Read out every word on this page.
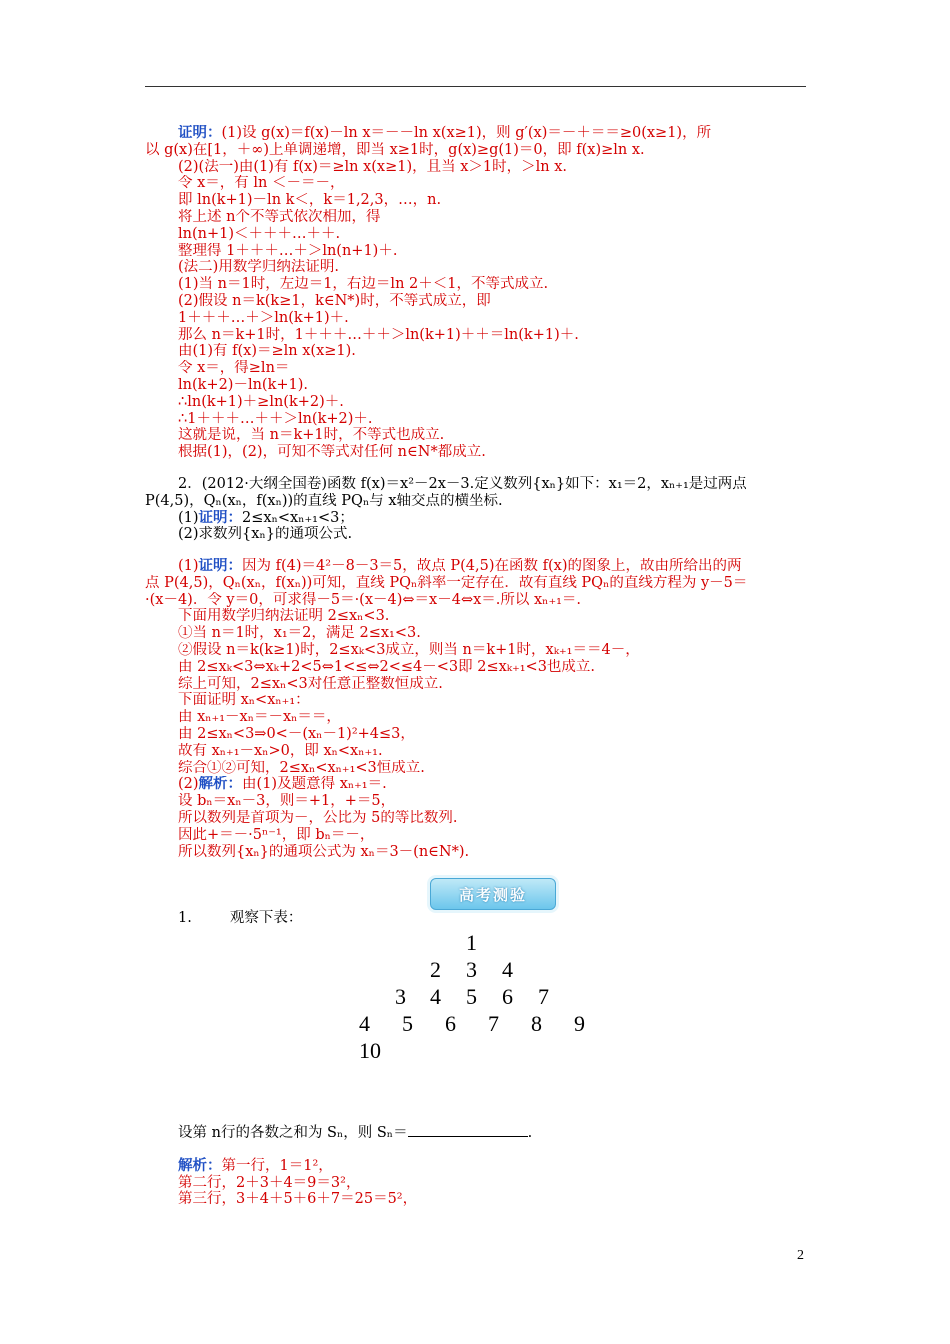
证明：(1)设 g(x)＝f(x)－ln x＝－－ln x(x≥1)，则 g′(x)＝－＋＝＝≥0(x≥1)，所
以 g(x)在[1，＋∞)上单调递增，即当 x≥1时，g(x)≥g(1)＝0，即 f(x)≥ln x.
(2)(法一)由(1)有 f(x)＝≥ln x(x≥1)，且当 x＞1时，＞ln x.
令 x＝，有 ln ＜－＝－，
即 ln(k+1)－ln k＜，k＝1,2,3，…，n.
将上述 n个不等式依次相加，得
ln(n+1)＜＋＋＋…＋＋.
整理得 1＋＋＋…＋＞ln(n+1)＋.
(法二)用数学归纳法证明.
(1)当 n＝1时，左边＝1，右边＝ln 2＋＜1，不等式成立.
(2)假设 n＝k(k≥1，k∈N*)时，不等式成立，即
1＋＋＋…＋＞ln(k+1)＋.
那么 n＝k+1时，1＋＋＋…＋＋＞ln(k+1)＋＋＝ln(k+1)＋.
由(1)有 f(x)＝≥ln x(x≥1).
令 x＝，得≥ln＝
ln(k+2)－ln(k+1).
∴ln(k+1)＋≥ln(k+2)＋.
∴1＋＋＋…＋＋＞ln(k+2)＋.
这就是说，当 n＝k+1时，不等式也成立.
根据(1)，(2)，可知不等式对任何 n∈N*都成立.
2．(2012·大纲全国卷)函数 f(x)＝x²－2x－3.定义数列{xₙ}如下：x₁＝2，xₙ₊₁是过两点
P(4,5)，Qₙ(xₙ，f(xₙ))的直线 PQₙ与 x轴交点的横坐标.
(1)证明：2≤xₙ<xₙ₊₁<3；
(2)求数列{xₙ}的通项公式.
(1)证明：因为 f(4)＝4²－8－3＝5，故点 P(4,5)在函数 f(x)的图象上，故由所给出的两
点 P(4,5)，Qₙ(xₙ，f(xₙ))可知，直线 PQₙ斜率一定存在．故有直线 PQₙ的直线方程为 y－5＝
·(x－4)．令 y＝0，可求得－5＝·(x－4)⇔＝x－4⇔x＝.所以 xₙ₊₁＝.
下面用数学归纳法证明 2≤xₙ<3.
①当 n＝1时，x₁＝2，满足 2≤x₁<3.
②假设 n＝k(k≥1)时，2≤xₖ<3成立，则当 n＝k+1时，xₖ₊₁＝＝4－，
由 2≤xₖ<3⇔xₖ+2<5⇔1<≤⇔2<≤4－<3即 2≤xₖ₊₁<3也成立.
综上可知，2≤xₙ<3对任意正整数恒成立.
下面证明 xₙ<xₙ₊₁：
由 xₙ₊₁－xₙ＝－xₙ＝＝，
由 2≤xₙ<3⇒0<－(xₙ－1)²+4≤3，
故有 xₙ₊₁－xₙ>0，即 xₙ<xₙ₊₁.
综合①②可知，2≤xₙ<xₙ₊₁<3恒成立.
(2)解析：由(1)及题意得 xₙ₊₁＝.
设 bₙ＝xₙ－3，则＝+1，+＝5，
所以数列是首项为－，公比为 5的等比数列.
因此+＝－·5ⁿ⁻¹，即 bₙ＝－，
所以数列{xₙ}的通项公式为 xₙ＝3－(n∈N*).
高考测验
1.	观察下表：
1
2 3 4
3 4 5 6 7
4 5 6 7 8 9
10
设第 n行的各数之和为 Sₙ，则 Sₙ＝	.
解析：第一行，1＝1²，
第二行，2＋3＋4＝9＝3²，
第三行，3＋4＋5＋6＋7＝25＝5²，
2
